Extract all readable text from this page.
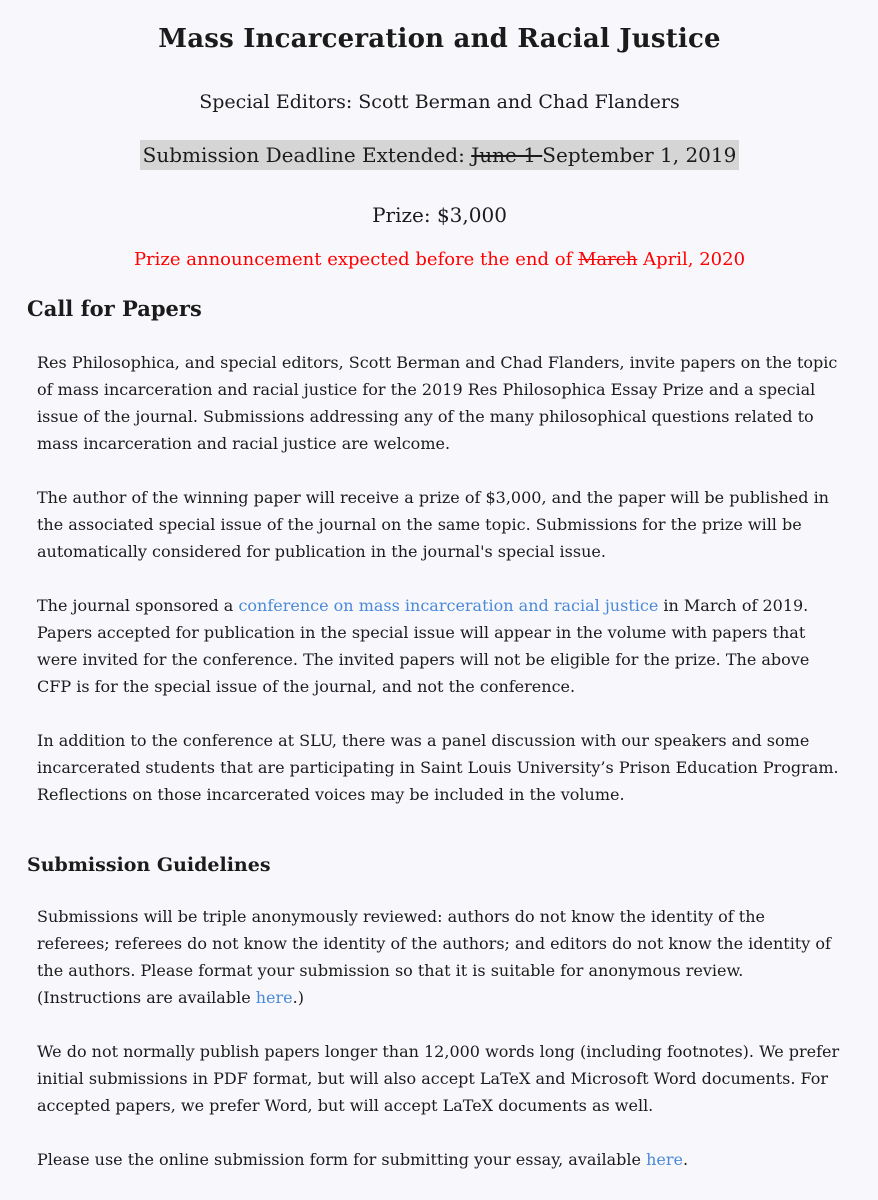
Mass Incarceration and Racial Justice

Special Editors: Scott Berman and Chad Flanders

Submission Deadline Extended: June 1 September 1, 2019

Prize: $3,000

Prize announcement expected before the end of March April, 2020

Call for Papers

Res Philosophica, and special editors, Scott Berman and Chad Flanders, invite papers on the topic of mass incarceration and racial justice for the 2019 Res Philosophica Essay Prize and a special issue of the journal. Submissions addressing any of the many philosophical questions related to mass incarceration and racial justice are welcome.

The author of the winning paper will receive a prize of $3,000, and the paper will be published in the associated special issue of the journal on the same topic. Submissions for the prize will be automatically considered for publication in the journal's special issue.

The journal sponsored a conference on mass incarceration and racial justice in March of 2019. Papers accepted for publication in the special issue will appear in the volume with papers that were invited for the conference. The invited papers will not be eligible for the prize. The above CFP is for the special issue of the journal, and not the conference.

In addition to the conference at SLU, there was a panel discussion with our speakers and some incarcerated students that are participating in Saint Louis University’s Prison Education Program. Reflections on those incarcerated voices may be included in the volume.

Submission Guidelines

Submissions will be triple anonymously reviewed: authors do not know the identity of the referees; referees do not know the identity of the authors; and editors do not know the identity of the authors. Please format your submission so that it is suitable for anonymous review. (Instructions are available here.)

We do not normally publish papers longer than 12,000 words long (including footnotes). We prefer initial submissions in PDF format, but will also accept LaTeX and Microsoft Word documents. For accepted papers, we prefer Word, but will accept LaTeX documents as well.

Please use the online submission form for submitting your essay, available here.
